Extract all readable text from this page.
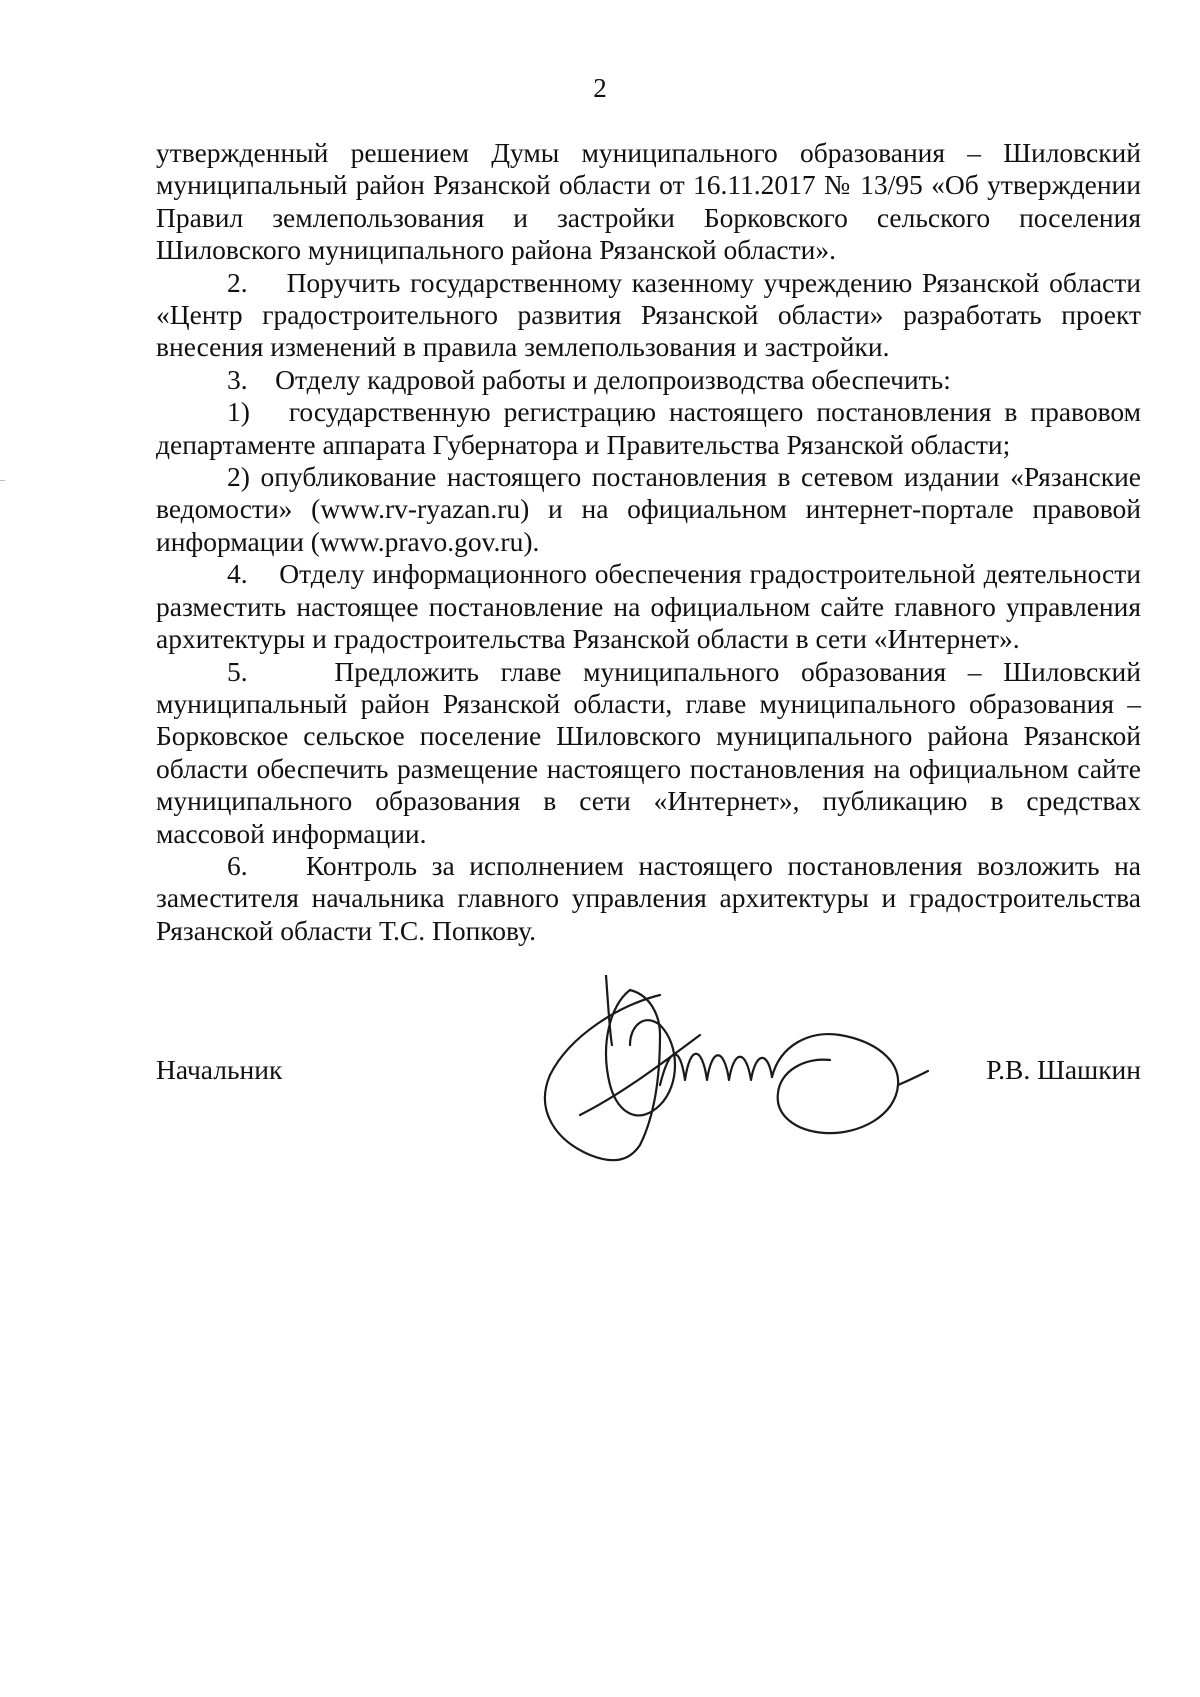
2

утвержденный решением Думы муниципального образования – Шиловский муниципальный район Рязанской области от 16.11.2017 № 13/95 «Об утверждении Правил землепользования и застройки Борковского сельского поселения Шиловского муниципального района Рязанской области».

2.    Поручить государственному казенному учреждению Рязанской области «Центр градостроительного развития Рязанской области» разработать проект внесения изменений в правила землепользования и застройки.

3.    Отделу кадровой работы и делопроизводства обеспечить:

1)   государственную регистрацию настоящего постановления в правовом департаменте аппарата Губернатора и Правительства Рязанской области;

2) опубликование настоящего постановления в сетевом издании «Рязанские ведомости» (www.rv-ryazan.ru) и на официальном интернет-портале правовой информации (www.pravo.gov.ru).

4.    Отделу информационного обеспечения градостроительной деятельности разместить настоящее постановление на официальном сайте главного управления архитектуры и градостроительства Рязанской области в сети «Интернет».

5.    Предложить главе муниципального образования – Шиловский муниципальный район Рязанской области, главе муниципального образования – Борковское сельское поселение Шиловского муниципального района Рязанской области обеспечить размещение настоящего постановления на официальном сайте муниципального образования в сети «Интернет», публикацию в средствах массовой информации.

6.    Контроль за исполнением настоящего постановления возложить на заместителя начальника главного управления архитектуры и градостроительства Рязанской области Т.С. Попкову.

Начальник	Р.В. Шашкин
